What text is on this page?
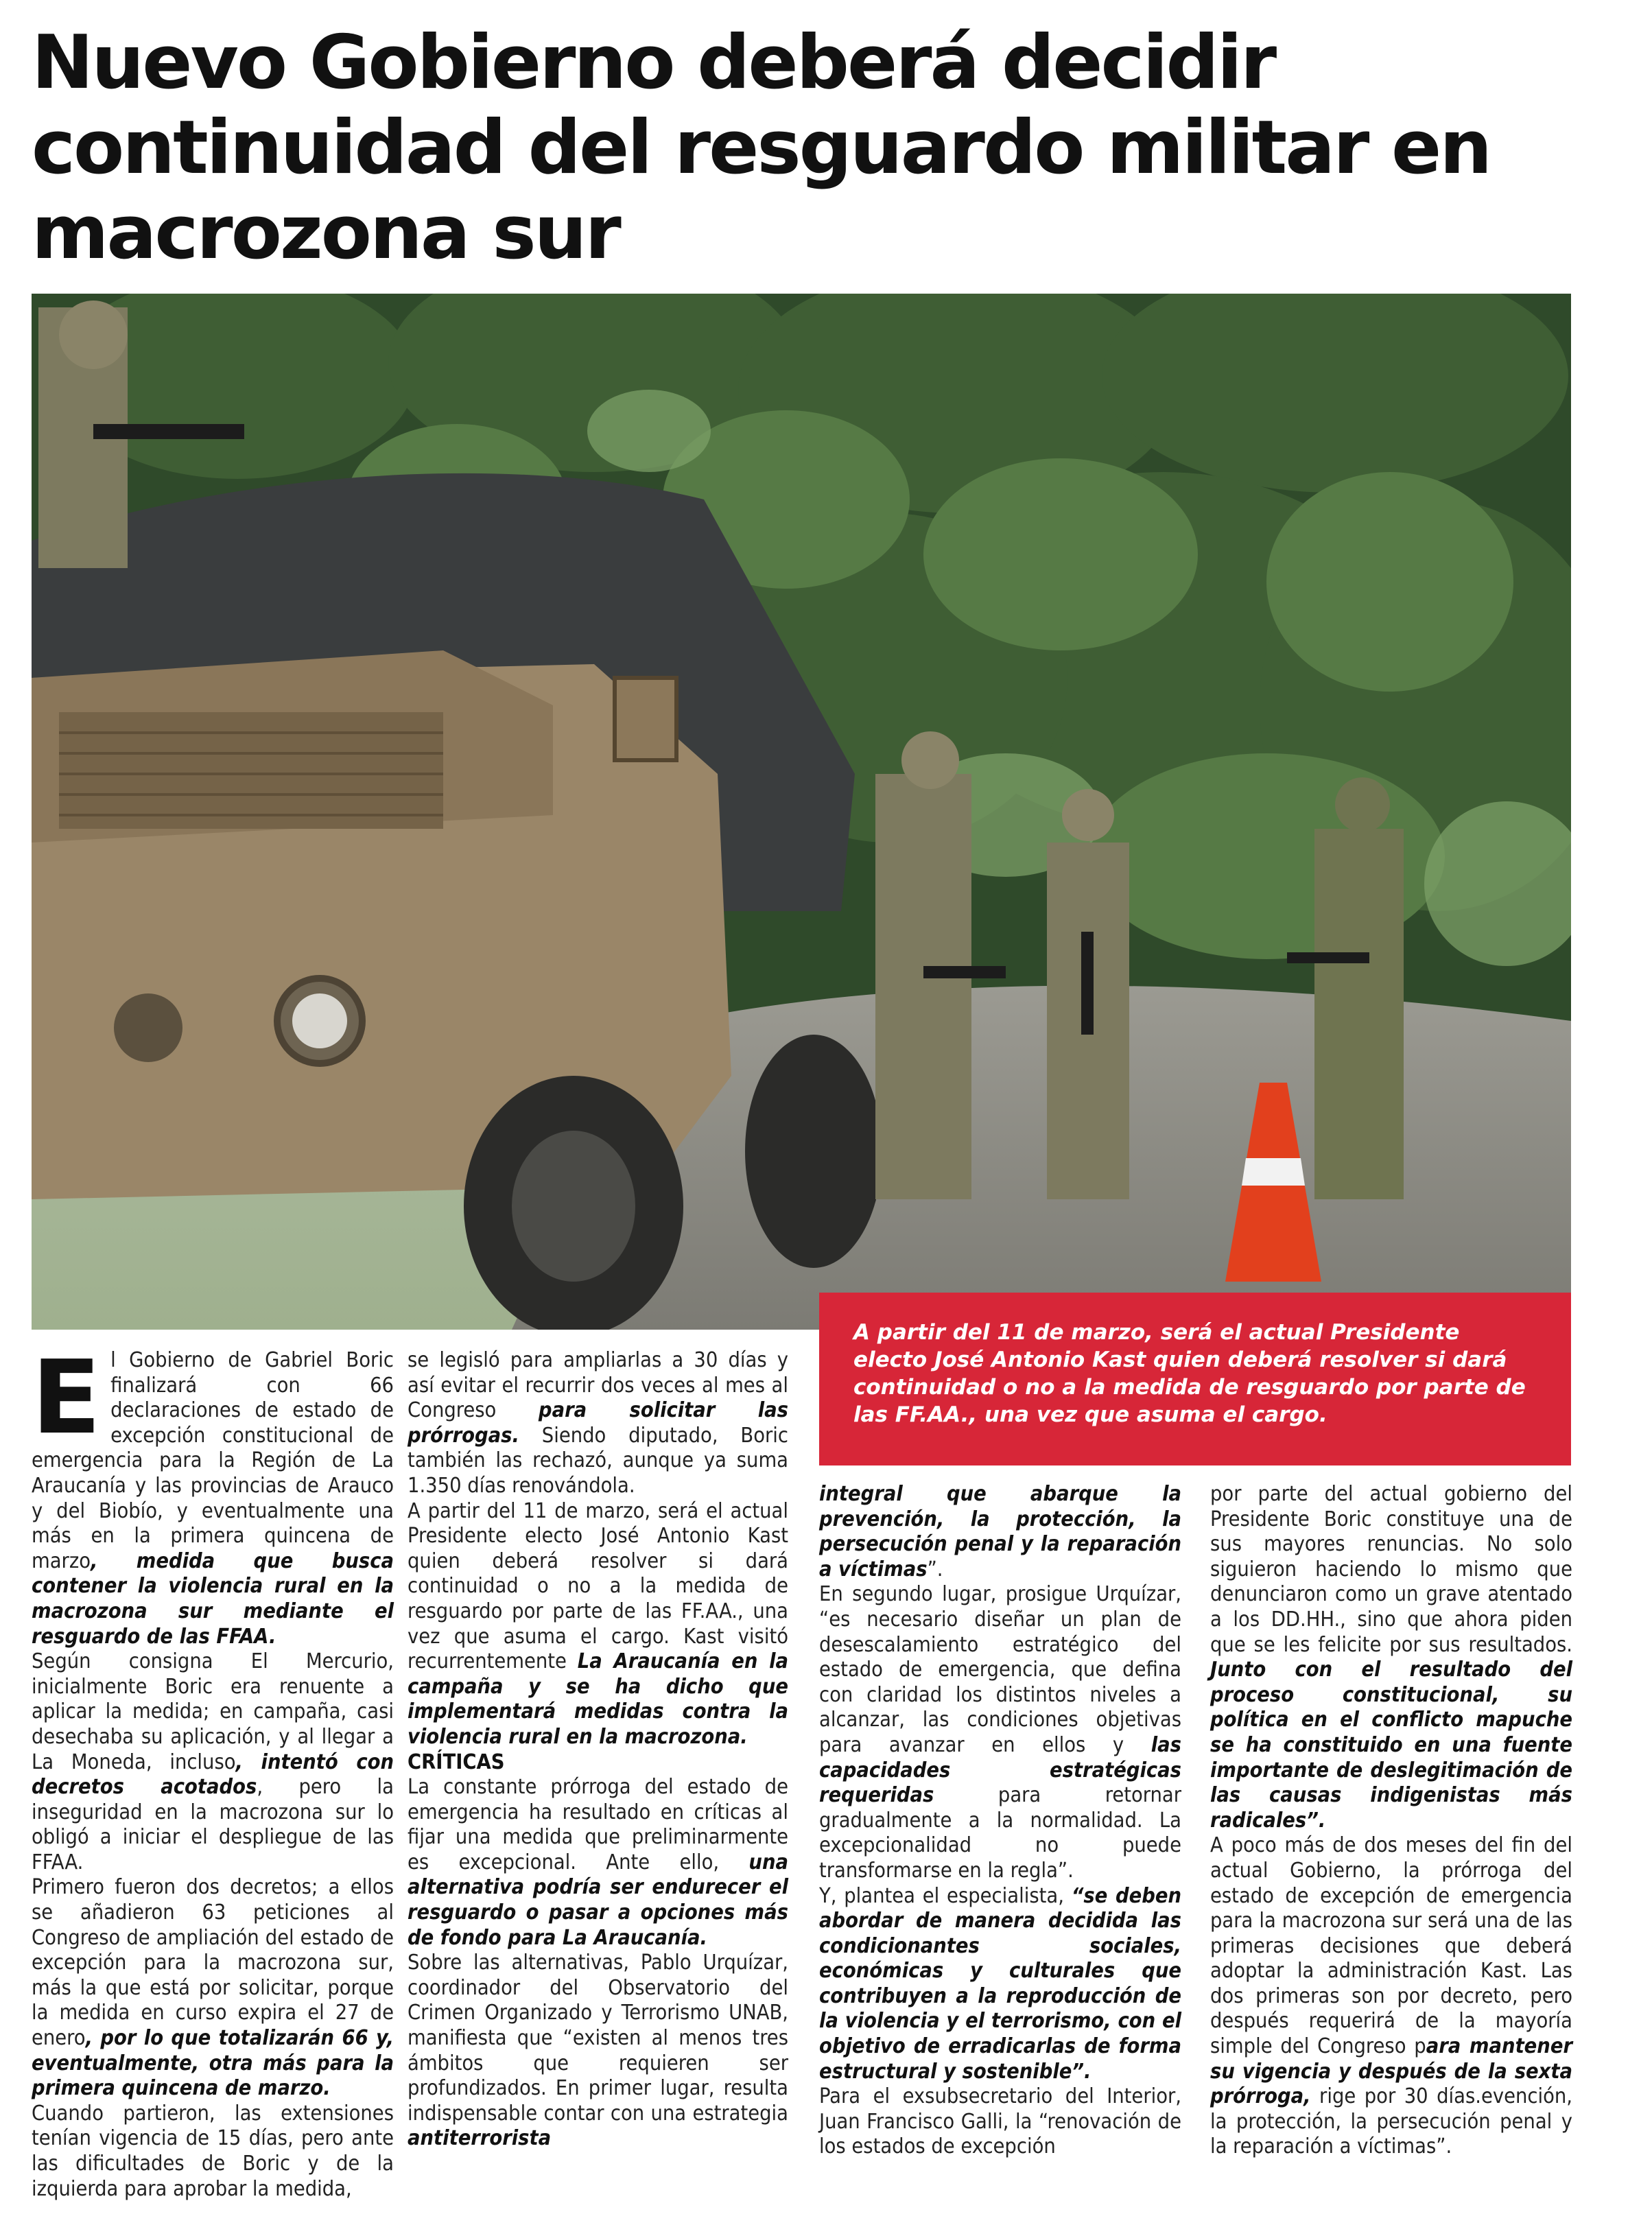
Nuevo Gobierno deberá decidir continuidad del resguardo militar en macrozona sur
A partir del 11 de marzo, será el actual Presidente electo José Antonio Kast quien deberá resolver si dará continuidad o no a la medida de resguardo por parte de las FF.AA., una vez que asuma el cargo.
E l Gobierno de Gabriel Boric finalizará con 66 declaraciones de estado de excepción constitucional de emergencia para la Región de La Araucanía y las provincias de Arauco y del Biobío, y eventualmente una más en la primera quincena de marzo, medida que busca contener la violencia rural en la macrozona sur mediante el resguardo de las FFAA.

Según consigna El Mercurio, inicialmente Boric era renuente a aplicar la medida; en campaña, casi desechaba su aplicación, y al llegar a La Moneda, incluso, intentó con decretos acotados, pero la inseguridad en la macrozona sur lo obligó a iniciar el despliegue de las FFAA.

Primero fueron dos decretos; a ellos se añadieron 63 peticiones al Congreso de ampliación del estado de excepción para la macrozona sur, más la que está por solicitar, porque la medida en curso expira el 27 de enero, por lo que totalizarán 66 y, eventualmente, otra más para la primera quincena de marzo.

Cuando partieron, las extensiones tenían vigencia de 15 días, pero ante las dificultades de Boric y de la izquierda para aprobar la medida,

se legisló para ampliarlas a 30 días y así evitar el recurrir dos veces al mes al Congreso para solicitar las prórrogas. Siendo diputado, Boric también las rechazó, aunque ya suma 1.350 días renovándola.

A partir del 11 de marzo, será el actual Presidente electo José Antonio Kast quien deberá resolver si dará continuidad o no a la medida de resguardo por parte de las FF.AA., una vez que asuma el cargo. Kast visitó recurrentemente La Araucanía en la campaña y se ha dicho que implementará medidas contra la violencia rural en la macrozona.

CRÍTICAS

La constante prórroga del estado de emergencia ha resultado en críticas al fijar una medida que preliminarmente es excepcional. Ante ello, una alternativa podría ser endurecer el resguardo o pasar a opciones más de fondo para La Araucanía.

Sobre las alternativas, Pablo Urquízar, coordinador del Observatorio del Crimen Organizado y Terrorismo UNAB, manifiesta que “existen al menos tres ámbitos que requieren ser profundizados. En primer lugar, resulta indispensable contar con una estrategia antiterrorista

integral que abarque la prevención, la protección, la persecución penal y la reparación a víctimas”.

En segundo lugar, prosigue Urquízar, “es necesario diseñar un plan de desescalamiento estratégico del estado de emergencia, que defina con claridad los distintos niveles a alcanzar, las condiciones objetivas para avanzar en ellos y las capacidades estratégicas requeridas para retornar gradualmente a la normalidad. La excepcionalidad no puede transformarse en la regla”.

Y, plantea el especialista, “se deben abordar de manera decidida las condicionantes sociales, económicas y culturales que contribuyen a la reproducción de la violencia y el terrorismo, con el objetivo de erradicarlas de forma estructural y sostenible”.

Para el exsubsecretario del Interior, Juan Francisco Galli, la “renovación de los estados de excepción

por parte del actual gobierno del Presidente Boric constituye una de sus mayores renuncias. No solo siguieron haciendo lo mismo que denunciaron como un grave atentado a los DD.HH., sino que ahora piden que se les felicite por sus resultados. Junto con el resultado del proceso constitucional, su política en el conflicto mapuche se ha constituido en una fuente importante de deslegitimación de las causas indigenistas más radicales”.

A poco más de dos meses del fin del actual Gobierno, la prórroga del estado de excepción de emergencia para la macrozona sur será una de las primeras decisiones que deberá adoptar la administración Kast. Las dos primeras son por decreto, pero después requerirá de la mayoría simple del Congreso para mantener su vigencia y después de la sexta prórroga, rige por 30 días.evención, la protección, la persecución penal y la reparación a víctimas”.
